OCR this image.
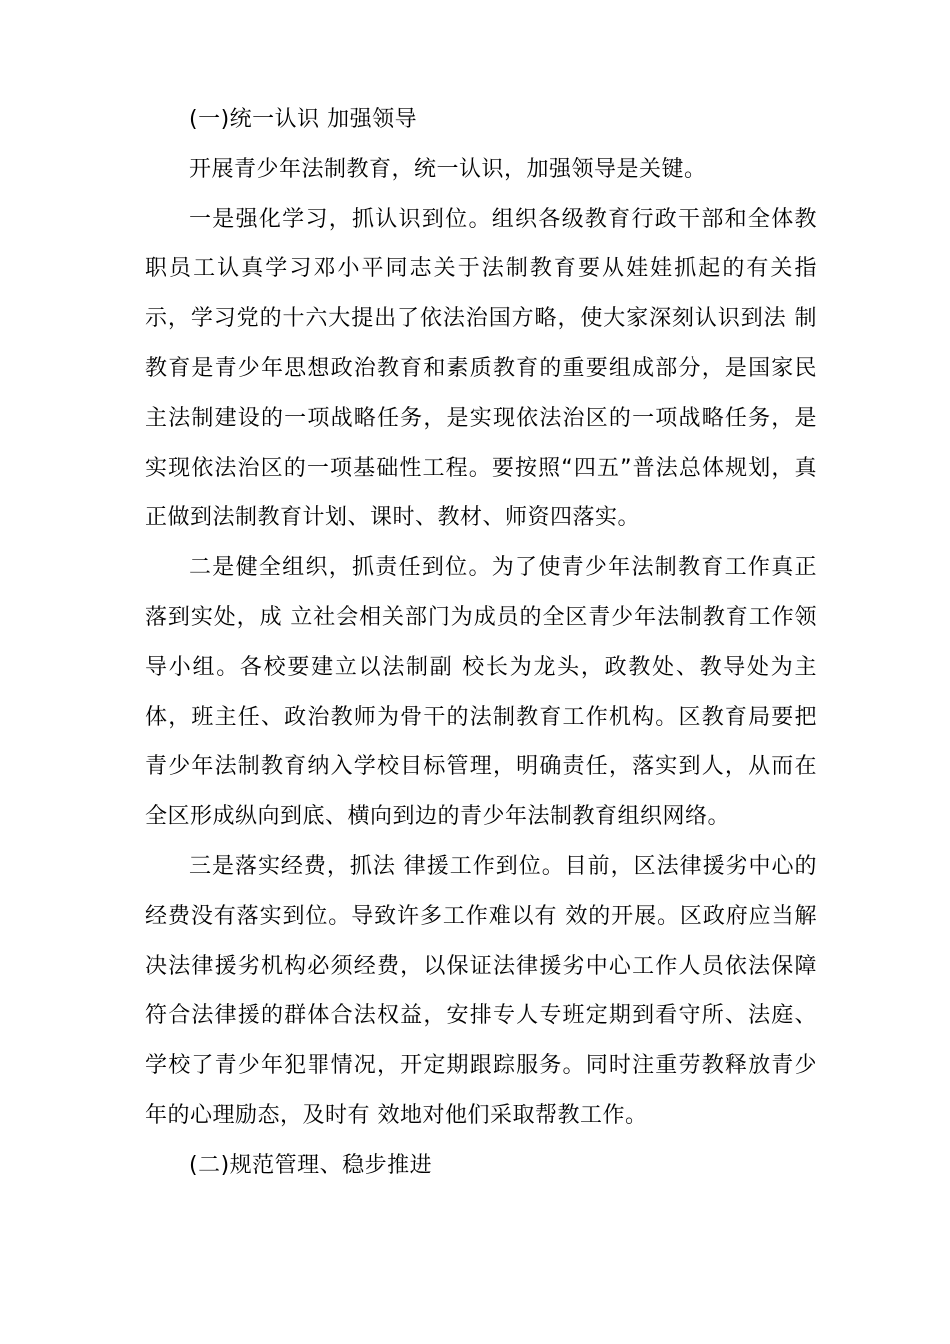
(一)统一认识 加强领导

开展青少年法制教育，统一认识，加强领导是关键。

一是强化学习，抓认识到位。组织各级教育行政干部和全体教职员工认真学习邓小平同志关于法制教育要从娃娃抓起的有关指示，学习党的十六大提出了依法治国方略，使大家深刻认识到法 制教育是青少年思想政治教育和素质教育的重要组成部分，是国家民主法制建设的一项战略任务，是实现依法治区的一项战略任务，是实现依法治区的一项基础性工程。要按照“四五”普法总体规划，真正做到法制教育计划、课时、教材、师资四落实。

二是健全组织，抓责任到位。为了使青少年法制教育工作真正落到实处，成 立社会相关部门为成员的全区青少年法制教育工作领导小组。各校要建立以法制副 校长为龙头，政教处、教导处为主体，班主任、政治教师为骨干的法制教育工作机构。区教育局要把青少年法制教育纳入学校目标管理，明确责任，落实到人，从而在全区形成纵向到底、横向到边的青少年法制教育组织网络。

三是落实经费，抓法 律援工作到位。目前，区法律援劣中心的经费没有落实到位。导致许多工作难以有 效的开展。区政府应当解决法律援劣机构必须经费，以保证法律援劣中心工作人员依法保障符合法律援的群体合法权益，安排专人专班定期到看守所、法庭、学校了青少年犯罪情况，开定期跟踪服务。同时注重劳教释放青少年的心理励态，及时有 效地对他们采取帮教工作。

(二)规范管理、稳步推进
